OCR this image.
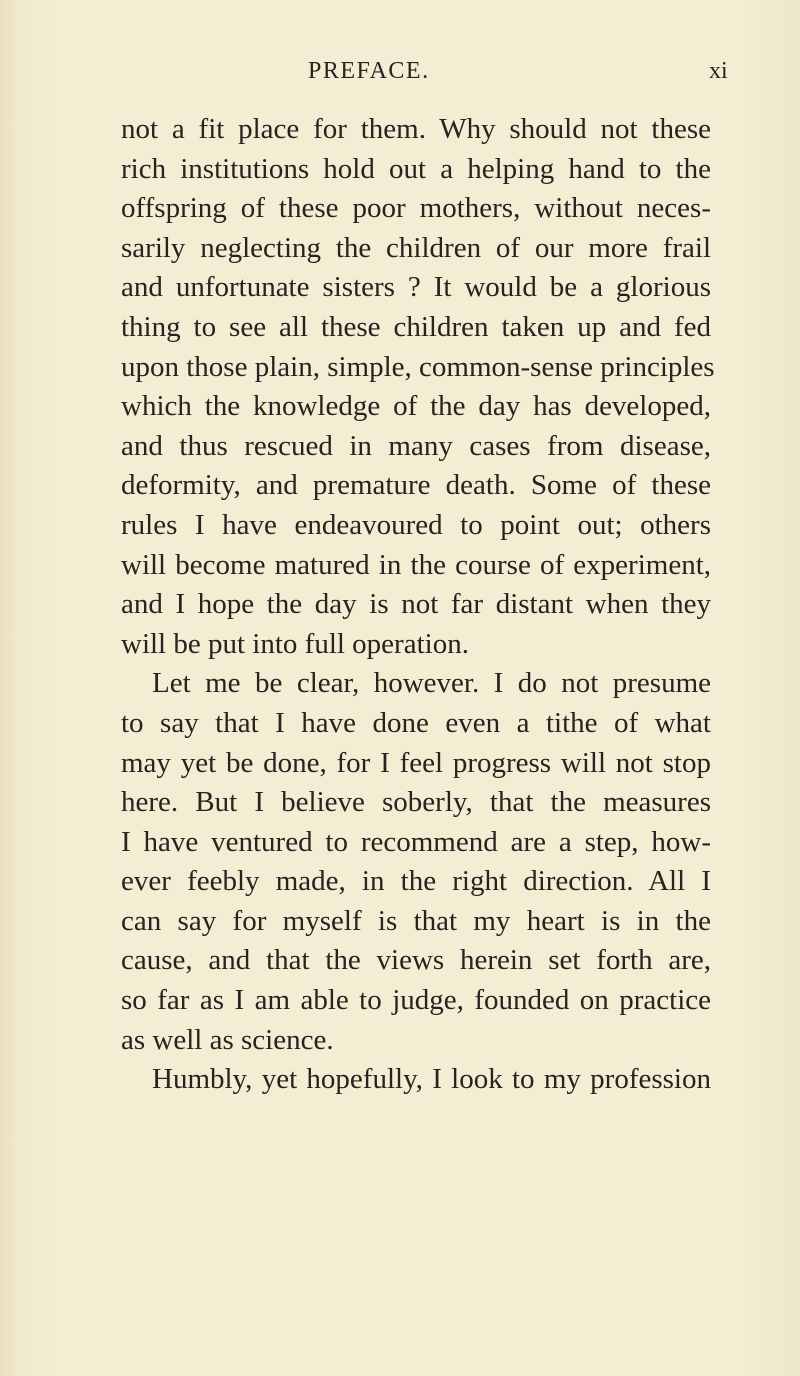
PREFACE.	xi
not a fit place for them. Why should not these
rich institutions hold out a helping hand to the
offspring of these poor mothers, without neces-
sarily neglecting the children of our more frail
and unfortunate sisters ? It would be a glorious
thing to see all these children taken up and fed
upon those plain, simple, common-sense principles
which the knowledge of the day has developed,
and thus rescued in many cases from disease,
deformity, and premature death. Some of these
rules I have endeavoured to point out; others
will become matured in the course of experiment,
and I hope the day is not far distant when they
will be put into full operation.
Let me be clear, however. I do not presume
to say that I have done even a tithe of what
may yet be done, for I feel progress will not stop
here. But I believe soberly, that the measures
I have ventured to recommend are a step, how-
ever feebly made, in the right direction. All I
can say for myself is that my heart is in the
cause, and that the views herein set forth are,
so far as I am able to judge, founded on practice
as well as science.
Humbly, yet hopefully, I look to my profession
